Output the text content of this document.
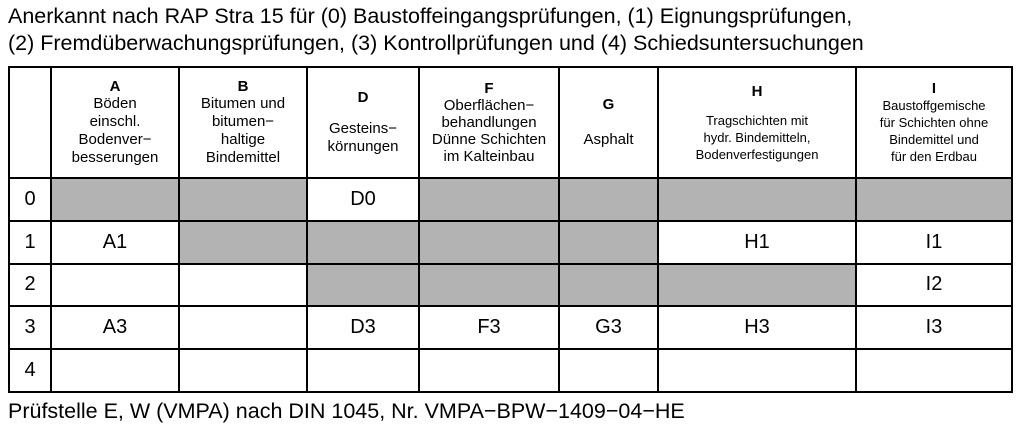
Anerkannt nach RAP Stra 15 für (0) Baustoffeingangsprüfungen, (1) Eignungsprüfungen,
(2) Fremdüberwachungsprüfungen, (3) Kontrollprüfungen und (4) Schiedsuntersuchungen

	A
Böden
einschl.
Bodenver−
besserungen	B
Bitumen und
bitumen−
haltige
Bindemittel	D
Gesteins−
körnungen	F
Oberflächen−
behandlungen
Dünne Schichten
im Kalteinbau	G
Asphalt	H
Tragschichten mit
hydr. Bindemitteln,
Bodenverfestigungen	I
Baustoffgemische
für Schichten ohne
Bindemittel und
für den Erdbau

0			D0				
1	A1					H1	I1
2							I2
3	A3		D3	F3	G3	H3	I3
4							
Prüfstelle E, W (VMPA) nach DIN 1045, Nr. VMPA−BPW−1409−04−HE
